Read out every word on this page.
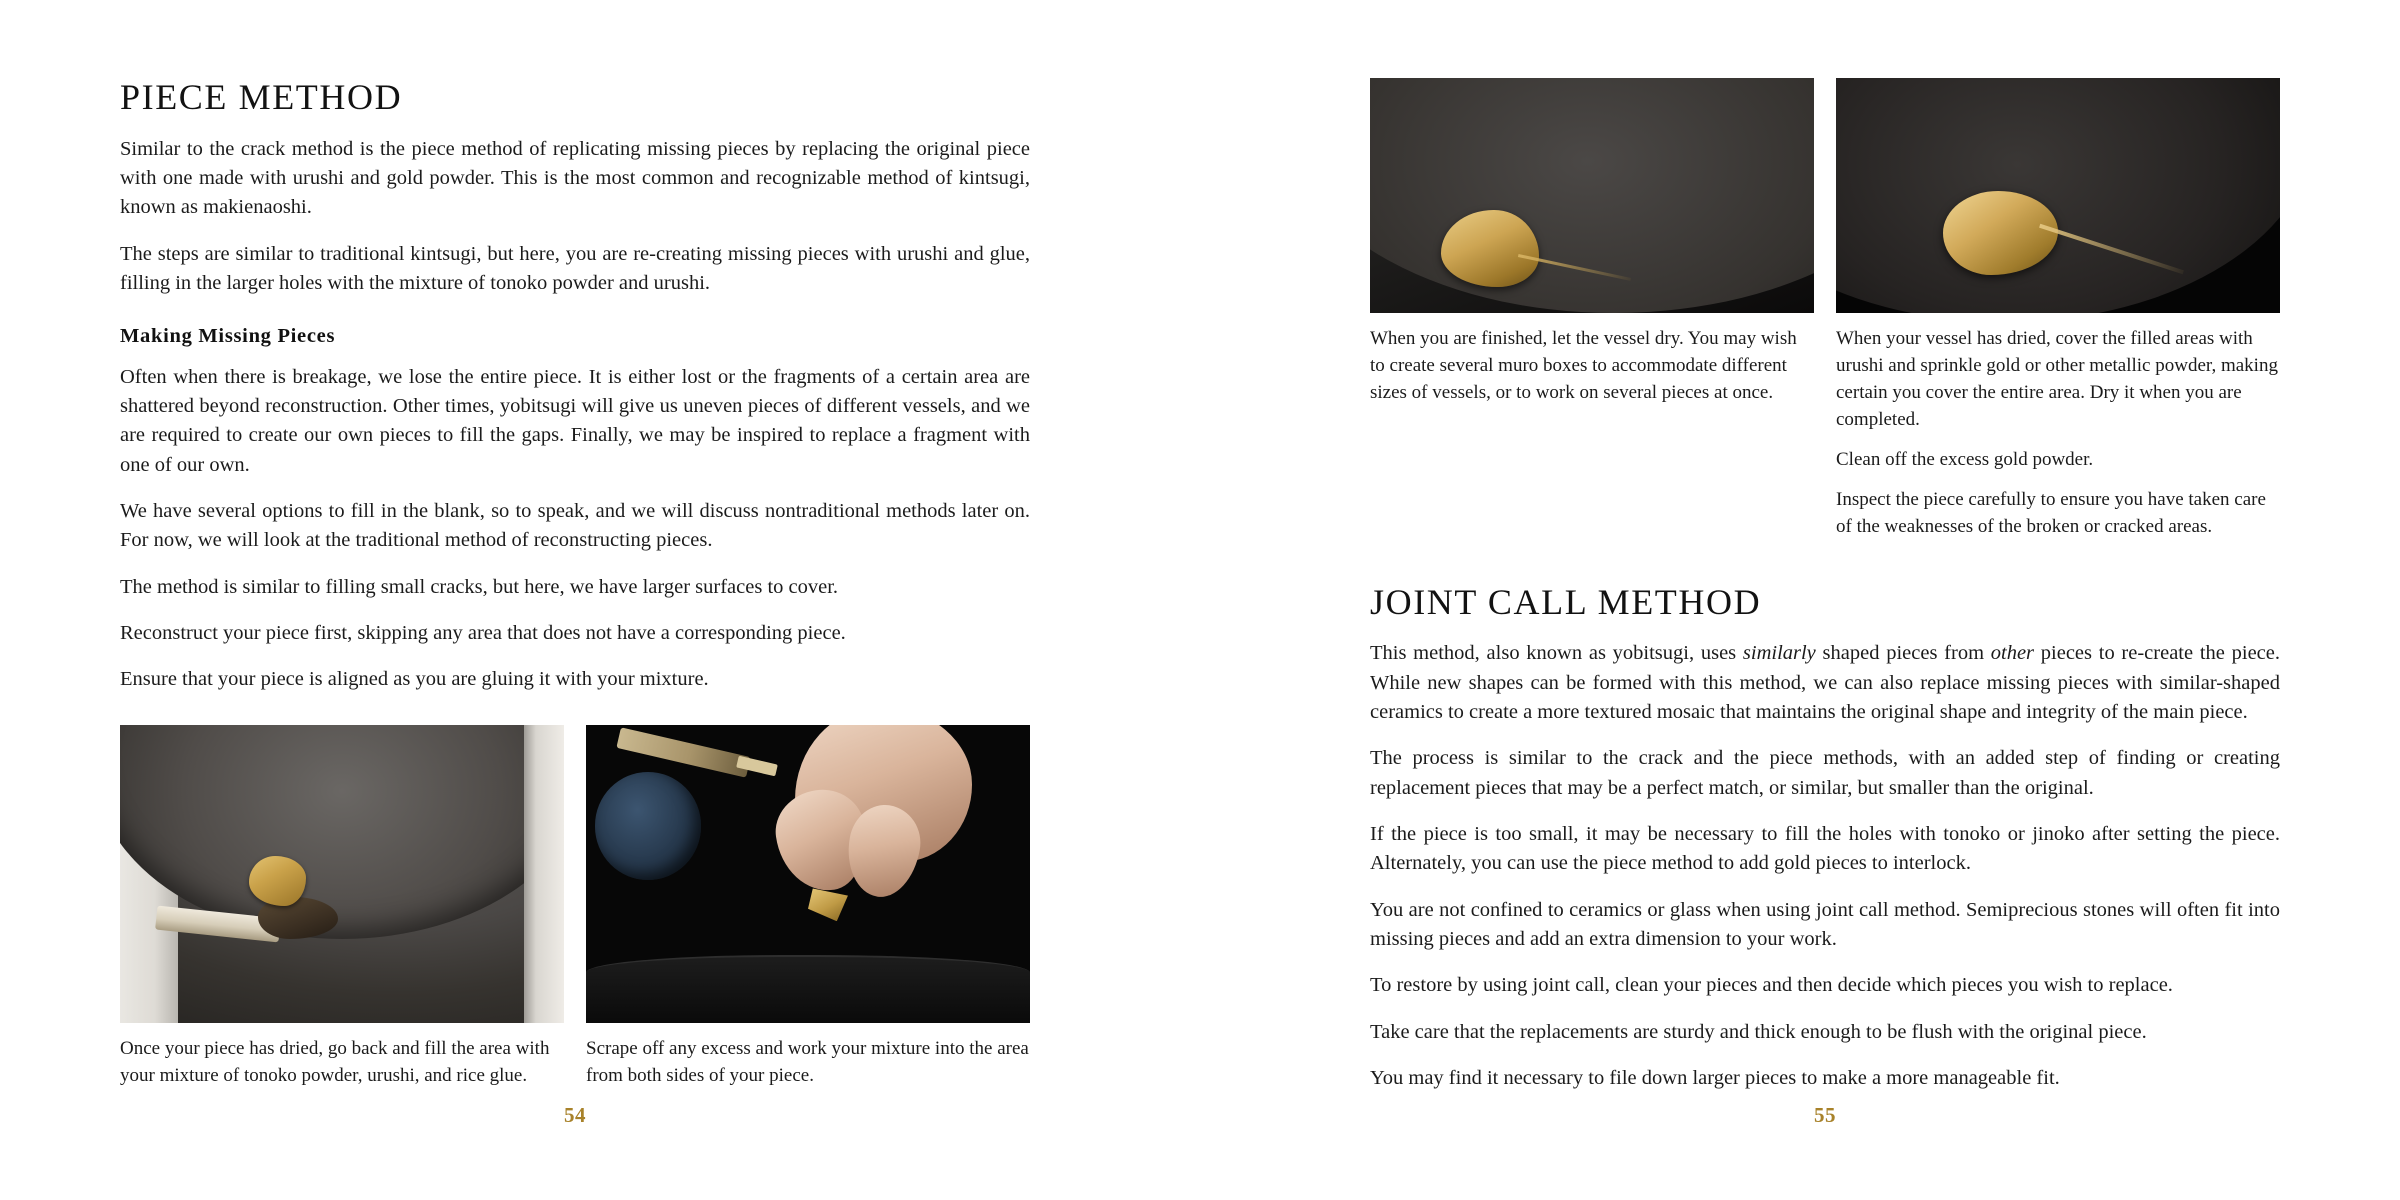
PIECE METHOD

Similar to the crack method is the piece method of replicating missing pieces by replacing the original piece with one made with urushi and gold powder. This is the most common and recognizable method of kintsugi, known as makienaoshi.

The steps are similar to traditional kintsugi, but here, you are re-creating missing pieces with urushi and glue, filling in the larger holes with the mixture of tonoko powder and urushi.

Making Missing Pieces

Often when there is breakage, we lose the entire piece. It is either lost or the fragments of a certain area are shattered beyond reconstruction. Other times, yobitsugi will give us uneven pieces of different vessels, and we are required to create our own pieces to fill the gaps. Finally, we may be inspired to replace a fragment with one of our own.

We have several options to fill in the blank, so to speak, and we will discuss nontraditional methods later on. For now, we will look at the traditional method of reconstructing pieces.

The method is similar to filling small cracks, but here, we have larger surfaces to cover.

Reconstruct your piece first, skipping any area that does not have a corresponding piece.

Ensure that your piece is aligned as you are gluing it with your mixture.

Once your piece has dried, go back and fill the area with your mixture of tonoko powder, urushi, and rice glue.
Scrape off any excess and work your mixture into the area from both sides of your piece.
54
When you are finished, let the vessel dry. You may wish to create several muro boxes to accommodate different sizes of vessels, or to work on several pieces at once.
When your vessel has dried, cover the filled areas with urushi and sprinkle gold or other metallic powder, making certain you cover the entire area. Dry it when you are completed.
Clean off the excess gold powder.
Inspect the piece carefully to ensure you have taken care of the weaknesses of the broken or cracked areas.
JOINT CALL METHOD

This method, also known as yobitsugi, uses similarly shaped pieces from other pieces to re-create the piece. While new shapes can be formed with this method, we can also replace missing pieces with similar-shaped ceramics to create a more textured mosaic that maintains the original shape and integrity of the main piece.

The process is similar to the crack and the piece methods, with an added step of finding or creating replacement pieces that may be a perfect match, or similar, but smaller than the original.

If the piece is too small, it may be necessary to fill the holes with tonoko or jinoko after setting the piece. Alternately, you can use the piece method to add gold pieces to interlock.

You are not confined to ceramics or glass when using joint call method. Semiprecious stones will often fit into missing pieces and add an extra dimension to your work.

To restore by using joint call, clean your pieces and then decide which pieces you wish to replace.

Take care that the replacements are sturdy and thick enough to be flush with the original piece.

You may find it necessary to file down larger pieces to make a more manageable fit.

55
